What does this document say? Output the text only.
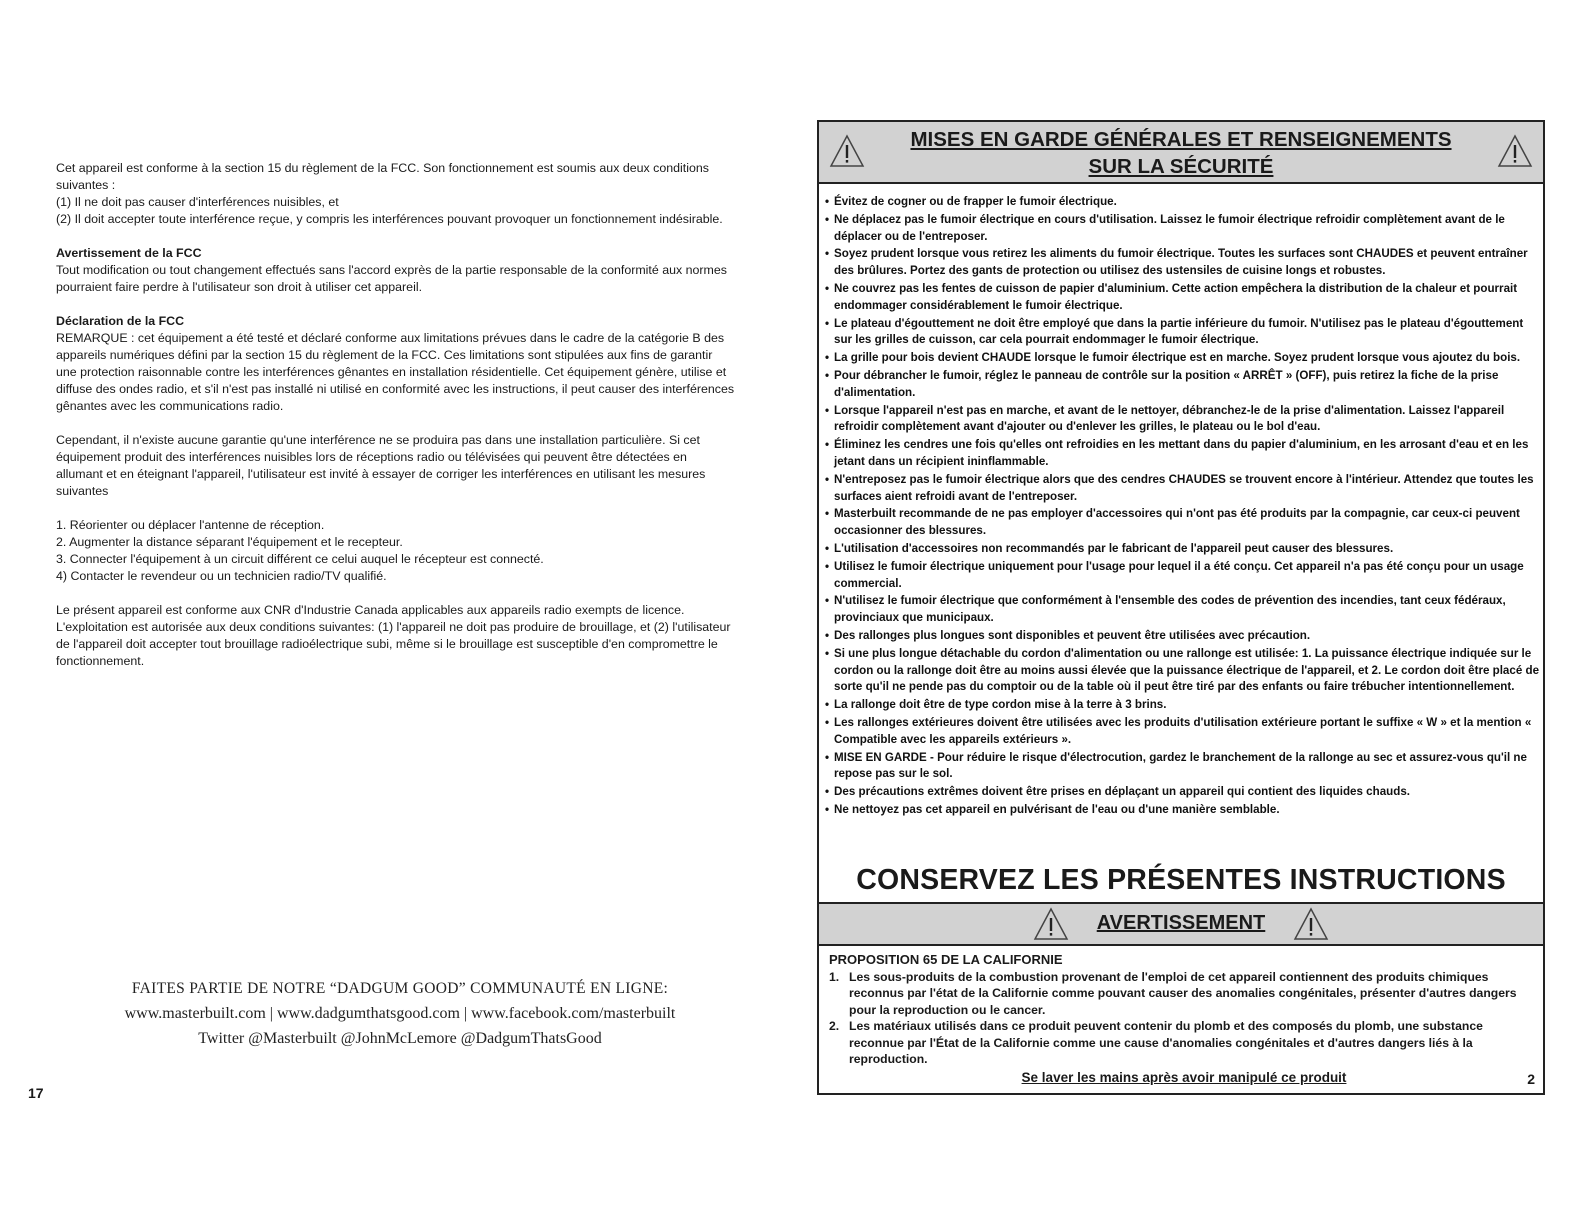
Cet appareil est conforme à la section 15 du règlement de la FCC. Son fonctionnement est soumis aux deux conditions suivantes :

(1) Il ne doit pas causer d'interférences nuisibles, et

(2) Il doit accepter toute interférence reçue, y compris les interférences pouvant provoquer un fonctionnement indésirable.

Avertissement de la FCC

Tout modification ou tout changement effectués sans l'accord exprès de la partie responsable de la conformité aux normes pourraient faire perdre à l'utilisateur son droit à utiliser cet appareil.

Déclaration de la FCC

REMARQUE : cet équipement a été testé et déclaré conforme aux limitations prévues dans le cadre de la catégorie B des appareils numériques défini par la section 15 du règlement de la FCC. Ces limitations sont stipulées aux fins de garantir une protection raisonnable contre les interférences gênantes en installation résidentielle. Cet équipement génère, utilise et diffuse des ondes radio, et s'il n'est pas installé ni utilisé en conformité avec les instructions, il peut causer des interférences gênantes avec les communications radio.

Cependant, il n'existe aucune garantie qu'une interférence ne se produira pas dans une installation particulière. Si cet équipement produit des interférences nuisibles lors de réceptions radio ou télévisées qui peuvent être détectées en allumant et en éteignant l'appareil, l'utilisateur est invité à essayer de corriger les interférences en utilisant les mesures suivantes

1. Réorienter ou déplacer l'antenne de réception.

2. Augmenter la distance séparant l'équipement et le recepteur.

3. Connecter l'équipement à un circuit différent ce celui auquel le récepteur est connecté.

4) Contacter le revendeur ou un technicien radio/TV qualifié.

Le présent appareil est conforme aux CNR d'Industrie Canada applicables aux appareils radio exempts de licence. L'exploitation est autorisée aux deux conditions suivantes: (1) l'appareil ne doit pas produire de brouillage, et (2) l'utilisateur de l'appareil doit accepter tout brouillage radioélectrique subi, même si le brouillage est susceptible d'en compromettre le fonctionnement.

FAITES PARTIE DE NOTRE “DADGUM GOOD” COMMUNAUTÉ EN LIGNE:
www.masterbuilt.com | www.dadgumthatsgood.com | www.facebook.com/masterbuilt
Twitter @Masterbuilt @JohnMcLemore @DadgumThatsGood
17
MISES EN GARDE GÉNÉRALES ET RENSEIGNEMENTS
SUR LA SÉCURITÉ
• Évitez de cogner ou de frapper le fumoir électrique.
• Ne déplacez pas le fumoir électrique en cours d'utilisation. Laissez le fumoir électrique refroidir complètement avant de le déplacer ou de l'entreposer.
• Soyez prudent lorsque vous retirez les aliments du fumoir électrique. Toutes les surfaces sont CHAUDES et peuvent entraîner des brûlures. Portez des gants de protection ou utilisez des ustensiles de cuisine longs et robustes.
• Ne couvrez pas les fentes de cuisson de papier d'aluminium. Cette action empêchera la distribution de la chaleur et pourrait endommager considérablement le fumoir électrique.
• Le plateau d'égouttement ne doit être employé que dans la partie inférieure du fumoir. N'utilisez pas le plateau d'égouttement sur les grilles de cuisson, car cela pourrait endommager le fumoir électrique.
• La grille pour bois devient CHAUDE lorsque le fumoir électrique est en marche. Soyez prudent lorsque vous ajoutez du bois.
• Pour débrancher le fumoir, réglez le panneau de contrôle sur la position « ARRÊT » (OFF), puis retirez la fiche de la prise d'alimentation.
• Lorsque l'appareil n'est pas en marche, et avant de le nettoyer, débranchez-le de la prise d'alimentation. Laissez l'appareil refroidir complètement avant d'ajouter ou d'enlever les grilles, le plateau ou le bol d'eau.
• Éliminez les cendres une fois qu'elles ont refroidies en les mettant dans du papier d'aluminium, en les arrosant d'eau et en les jetant dans un récipient ininflammable.
• N'entreposez pas le fumoir électrique alors que des cendres CHAUDES se trouvent encore à l'intérieur. Attendez que toutes les surfaces aient refroidi avant de l'entreposer.
• Masterbuilt recommande de ne pas employer d'accessoires qui n'ont pas été produits par la compagnie, car ceux-ci peuvent occasionner des blessures.
• L'utilisation d'accessoires non recommandés par le fabricant de l'appareil peut causer des blessures.
• Utilisez le fumoir électrique uniquement pour l'usage pour lequel il a été conçu. Cet appareil n'a pas été conçu pour un usage commercial.
• N'utilisez le fumoir électrique que conformément à l'ensemble des codes de prévention des incendies, tant ceux fédéraux, provinciaux que municipaux.
• Des rallonges plus longues sont disponibles et peuvent être utilisées avec précaution.
• Si une plus longue détachable du cordon d'alimentation ou une rallonge est utilisée: 1. La puissance électrique indiquée sur le cordon ou la rallonge doit être au moins aussi élevée que la puissance électrique de l'appareil, et 2. Le cordon doit être placé de sorte qu'il ne pende pas du comptoir ou de la table où il peut être tiré par des enfants ou faire trébucher intentionnellement.
• La rallonge doit être de type cordon mise à la terre à 3 brins.
• Les rallonges extérieures doivent être utilisées avec les produits d'utilisation extérieure portant le suffixe « W » et la mention « Compatible avec les appareils extérieurs ».
• MISE EN GARDE - Pour réduire le risque d'électrocution, gardez le branchement de la rallonge au sec et assurez-vous qu'il ne repose pas sur le sol.
• Des précautions extrêmes doivent être prises en déplaçant un appareil qui contient des liquides chauds.
• Ne nettoyez pas cet appareil en pulvérisant de l'eau ou d'une manière semblable.
CONSERVEZ LES PRÉSENTES INSTRUCTIONS
AVERTISSEMENT
PROPOSITION 65 DE LA CALIFORNIE
1. Les sous-produits de la combustion provenant de l'emploi de cet appareil contiennent des produits chimiques reconnus par l'état de la Californie comme pouvant causer des anomalies congénitales, présenter d'autres dangers pour la reproduction ou le cancer.
2. Les matériaux utilisés dans ce produit peuvent contenir du plomb et des composés du plomb, une substance reconnue par l'État de la Californie comme une cause d'anomalies congénitales et d'autres dangers liés à la reproduction.
Se laver les mains après avoir manipulé ce produit	2
